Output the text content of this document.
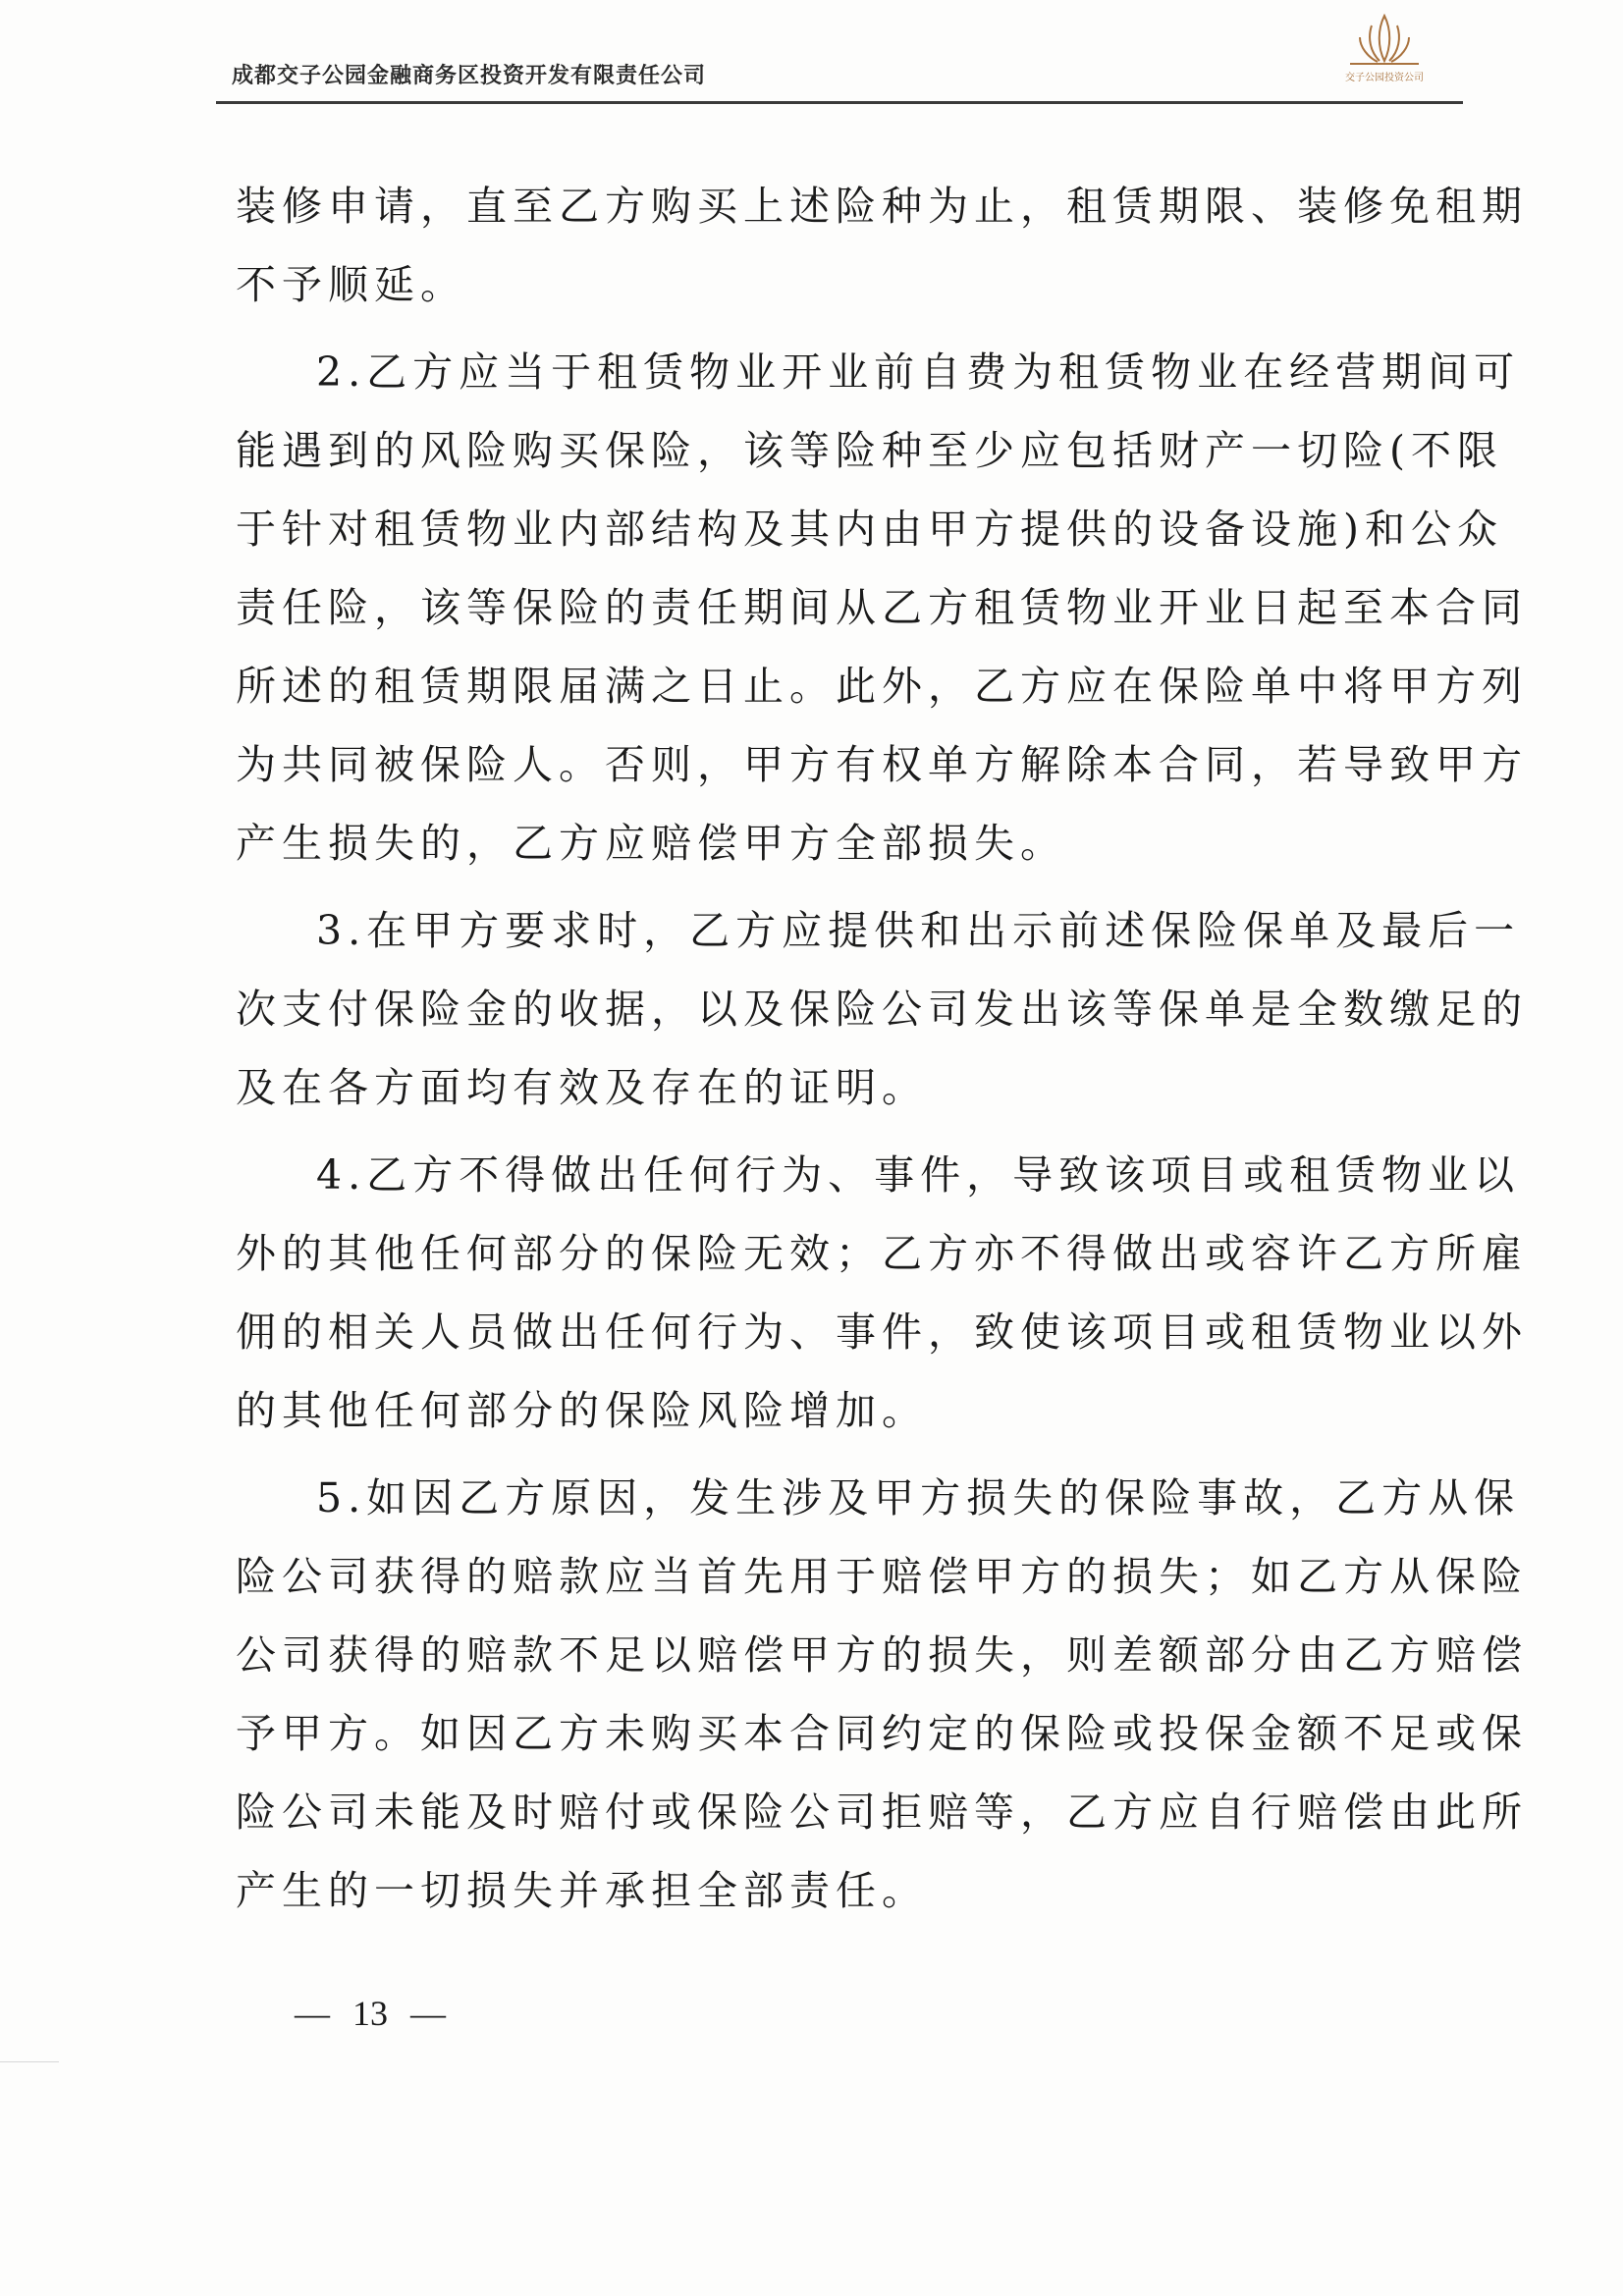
成都交子公园金融商务区投资开发有限责任公司	交子公园投资公司
装修申请，直至乙方购买上述险种为止，租赁期限、装修免租期
不予顺延。
2.乙方应当于租赁物业开业前自费为租赁物业在经营期间可
能遇到的风险购买保险，该等险种至少应包括财产一切险(不限
于针对租赁物业内部结构及其内由甲方提供的设备设施)和公众
责任险，该等保险的责任期间从乙方租赁物业开业日起至本合同
所述的租赁期限届满之日止。此外，乙方应在保险单中将甲方列
为共同被保险人。否则，甲方有权单方解除本合同，若导致甲方
产生损失的，乙方应赔偿甲方全部损失。
3.在甲方要求时，乙方应提供和出示前述保险保单及最后一
次支付保险金的收据，以及保险公司发出该等保单是全数缴足的
及在各方面均有效及存在的证明。
4.乙方不得做出任何行为、事件，导致该项目或租赁物业以
外的其他任何部分的保险无效；乙方亦不得做出或容许乙方所雇
佣的相关人员做出任何行为、事件，致使该项目或租赁物业以外
的其他任何部分的保险风险增加。
5.如因乙方原因，发生涉及甲方损失的保险事故，乙方从保
险公司获得的赔款应当首先用于赔偿甲方的损失；如乙方从保险
公司获得的赔款不足以赔偿甲方的损失，则差额部分由乙方赔偿
予甲方。如因乙方未购买本合同约定的保险或投保金额不足或保
险公司未能及时赔付或保险公司拒赔等，乙方应自行赔偿由此所
产生的一切损失并承担全部责任。
— 13 —
